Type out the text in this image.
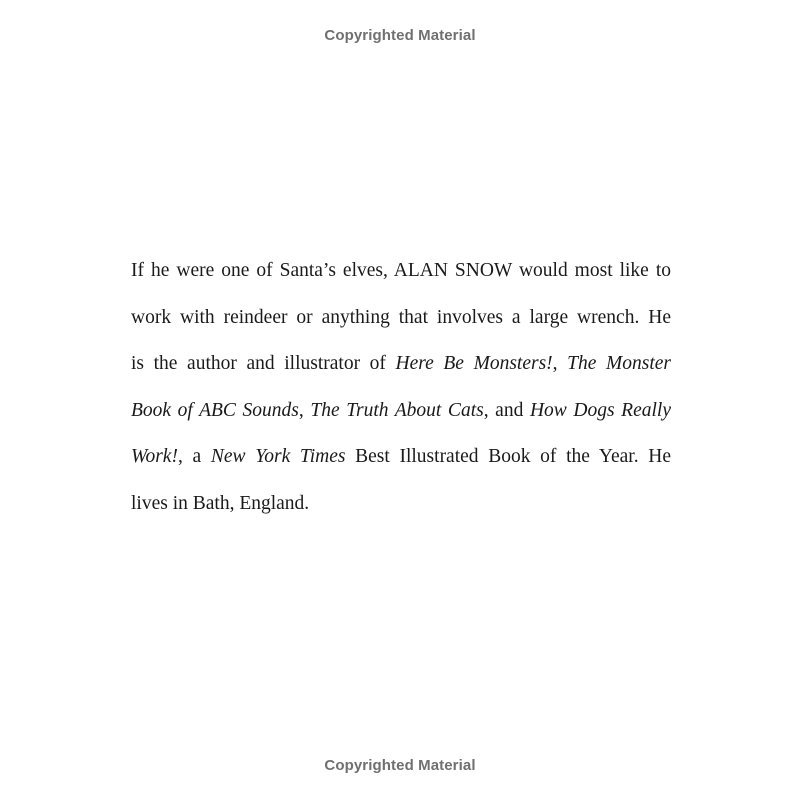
Copyrighted Material
If he were one of Santa’s elves, ALAN SNOW would most like to
work with reindeer or anything that involves a large wrench. He
is the author and illustrator of Here Be Monsters!, The Monster
Book of ABC Sounds, The Truth About Cats, and How Dogs Really
Work!, a New York Times Best Illustrated Book of the Year. He
lives in Bath, England.
Copyrighted Material
